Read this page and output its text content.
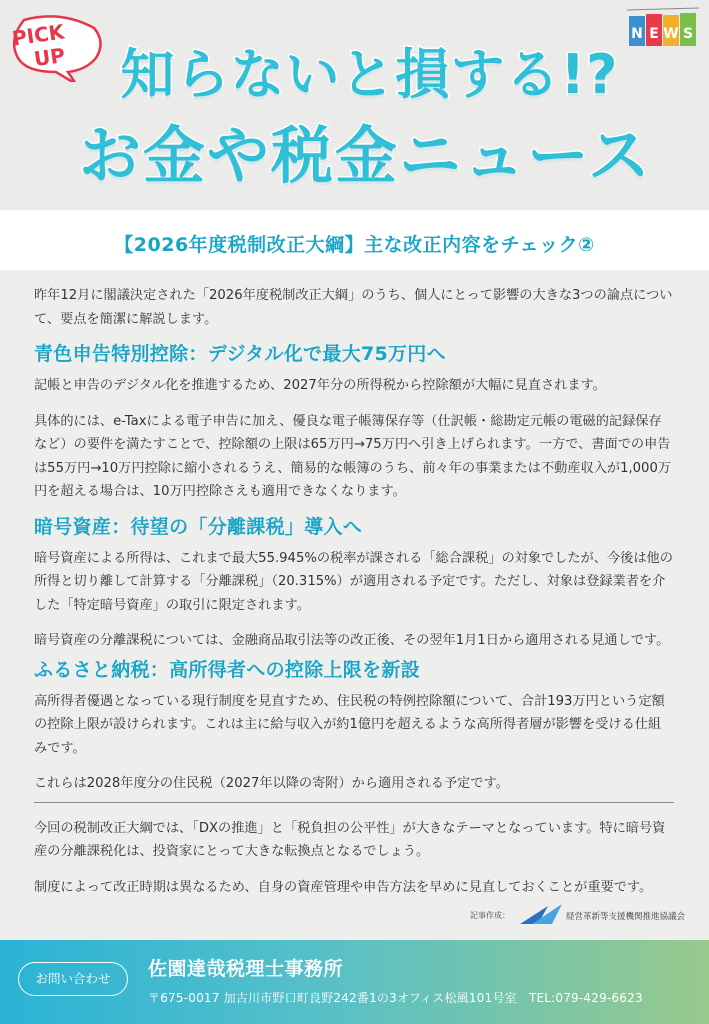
PICK
UP
N E W S
知らないと損する!?
お金や税金ニュース
【2026年度税制改正大綱】主な改正内容をチェック②

昨年12月に閣議決定された「2026年度税制改正大綱」のうち、個人にとって影響の大きな3つの論点について、要点を簡潔に解説します。

青色申告特別控除：デジタル化で最大75万円へ

記帳と申告のデジタル化を推進するため、2027年分の所得税から控除額が大幅に見直されます。

具体的には、e-Taxによる電子申告に加え、優良な電子帳簿保存等（仕訳帳・総勘定元帳の電磁的記録保存など）の要件を満たすことで、控除額の上限は65万円→75万円へ引き上げられます。一方で、書面での申告は55万円→10万円控除に縮小されるうえ、簡易的な帳簿のうち、前々年の事業または不動産収入が1,000万円を超える場合は、10万円控除さえも適用できなくなります。

暗号資産：待望の「分離課税」導入へ

暗号資産による所得は、これまで最大55.945%の税率が課される「総合課税」の対象でしたが、今後は他の所得と切り離して計算する「分離課税」（20.315%）が適用される予定です。ただし、対象は登録業者を介した「特定暗号資産」の取引に限定されます。

暗号資産の分離課税については、金融商品取引法等の改正後、その翌年1月1日から適用される見通しです。

ふるさと納税：高所得者への控除上限を新設

高所得者優遇となっている現行制度を見直すため、住民税の特例控除額について、合計193万円という定額の控除上限が設けられます。これは主に給与収入が約1億円を超えるような高所得者層が影響を受ける仕組みです。

これらは2028年度分の住民税（2027年以降の寄附）から適用される予定です。

今回の税制改正大綱では、「DXの推進」と「税負担の公平性」が大きなテーマとなっています。特に暗号資産の分離課税化は、投資家にとって大きな転換点となるでしょう。

制度によって改正時期は異なるため、自身の資産管理や申告方法を早めに見直しておくことが重要です。

記事作成：	経営革新等支援機関推進協議会
お問い合わせ	佐園達哉税理士事務所
〒675-0017 加古川市野口町良野242番1の3オフィス松風101号室　TEL:079-429-6623
